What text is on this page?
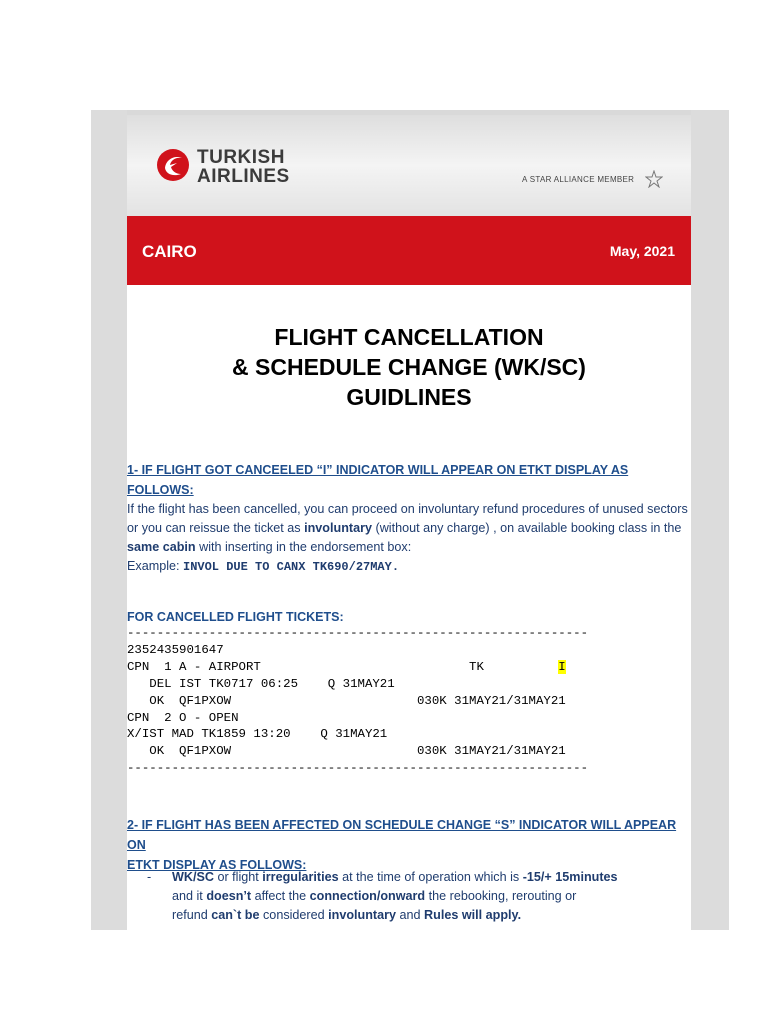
TURKISH
AIRLINES	A STAR ALLIANCE MEMBER
CAIRO	May, 2021
FLIGHT CANCELLATION
& SCHEDULE CHANGE (WK/SC)
GUIDLINES
1- IF FLIGHT GOT CANCEELED “I” INDICATOR WILL APPEAR ON ETKT DISPLAY AS FOLLOWS:
If the flight has been cancelled, you can proceed on involuntary refund procedures of unused sectors or you can reissue the ticket as involuntary (without any charge) , on available booking class in the same cabin with inserting in the endorsement box:
Example: INVOL DUE TO CANX TK690/27MAY.
FOR CANCELLED FLIGHT TICKETS:
--------------------------------------------------------------
2352435901647
CPN  1 A - AIRPORT                            TK          I
DEL IST TK0717 06:25    Q 31MAY21
OK  QF1PXOW                         030K 31MAY21/31MAY21
CPN  2 O - OPEN
X/IST MAD TK1859 13:20    Q 31MAY21
OK  QF1PXOW                         030K 31MAY21/31MAY21
--------------------------------------------------------------
2- IF FLIGHT HAS BEEN AFFECTED ON SCHEDULE CHANGE “S” INDICATOR WILL APPEAR ON
ETKT DISPLAY AS FOLLOWS:
- WK/SC or flight irregularities at the time of operation which is -15/+ 15minutes
and it doesn’t affect the connection/onward the rebooking, rerouting or
refund can`t be considered involuntary and Rules will apply.
